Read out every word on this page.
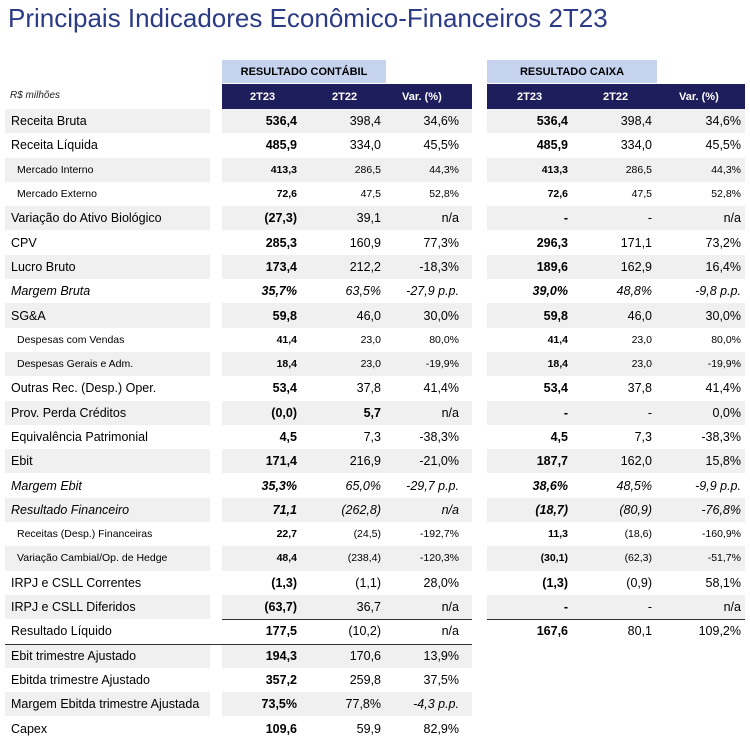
Principais Indicadores Econômico-Financeiros 2T23
RESULTADO CONTÁBIL	RESULTADO CAIXA
R$ milhões	2T23	2T22	Var. (%)	2T23	2T22	Var. (%)
Receita Bruta	536,4	398,4	34,6%	536,4	398,4	34,6%
Receita Líquida	485,9	334,0	45,5%	485,9	334,0	45,5%
Mercado Interno	413,3	286,5	44,3%	413,3	286,5	44,3%
Mercado Externo	72,6	47,5	52,8%	72,6	47,5	52,8%
Variação do Ativo Biológico	(27,3)	39,1	n/a	-	-	n/a
CPV	285,3	160,9	77,3%	296,3	171,1	73,2%
Lucro Bruto	173,4	212,2	-18,3%	189,6	162,9	16,4%
Margem Bruta	35,7%	63,5%	-27,9 p.p.	39,0%	48,8%	-9,8 p.p.
SG&A	59,8	46,0	30,0%	59,8	46,0	30,0%
Despesas com Vendas	41,4	23,0	80,0%	41,4	23,0	80,0%
Despesas Gerais e Adm.	18,4	23,0	-19,9%	18,4	23,0	-19,9%
Outras Rec. (Desp.) Oper.	53,4	37,8	41,4%	53,4	37,8	41,4%
Prov. Perda Créditos	(0,0)	5,7	n/a	-	-	0,0%
Equivalência Patrimonial	4,5	7,3	-38,3%	4,5	7,3	-38,3%
Ebit	171,4	216,9	-21,0%	187,7	162,0	15,8%
Margem Ebit	35,3%	65,0%	-29,7 p.p.	38,6%	48,5%	-9,9 p.p.
Resultado Financeiro	71,1	(262,8)	n/a	(18,7)	(80,9)	-76,8%
Receitas (Desp.) Financeiras	22,7	(24,5)	-192,7%	11,3	(18,6)	-160,9%
Variação Cambial/Op. de Hedge	48,4	(238,4)	-120,3%	(30,1)	(62,3)	-51,7%
IRPJ e CSLL Correntes	(1,3)	(1,1)	28,0%	(1,3)	(0,9)	58,1%
IRPJ e CSLL Diferidos	(63,7)	36,7	n/a	-	-	n/a
Resultado Líquido	177,5	(10,2)	n/a	167,6	80,1	109,2%
Ebit trimestre Ajustado	194,3	170,6	13,9%
Ebitda trimestre Ajustado	357,2	259,8	37,5%
Margem Ebitda trimestre Ajustada	73,5%	77,8%	-4,3 p.p.
Capex	109,6	59,9	82,9%
